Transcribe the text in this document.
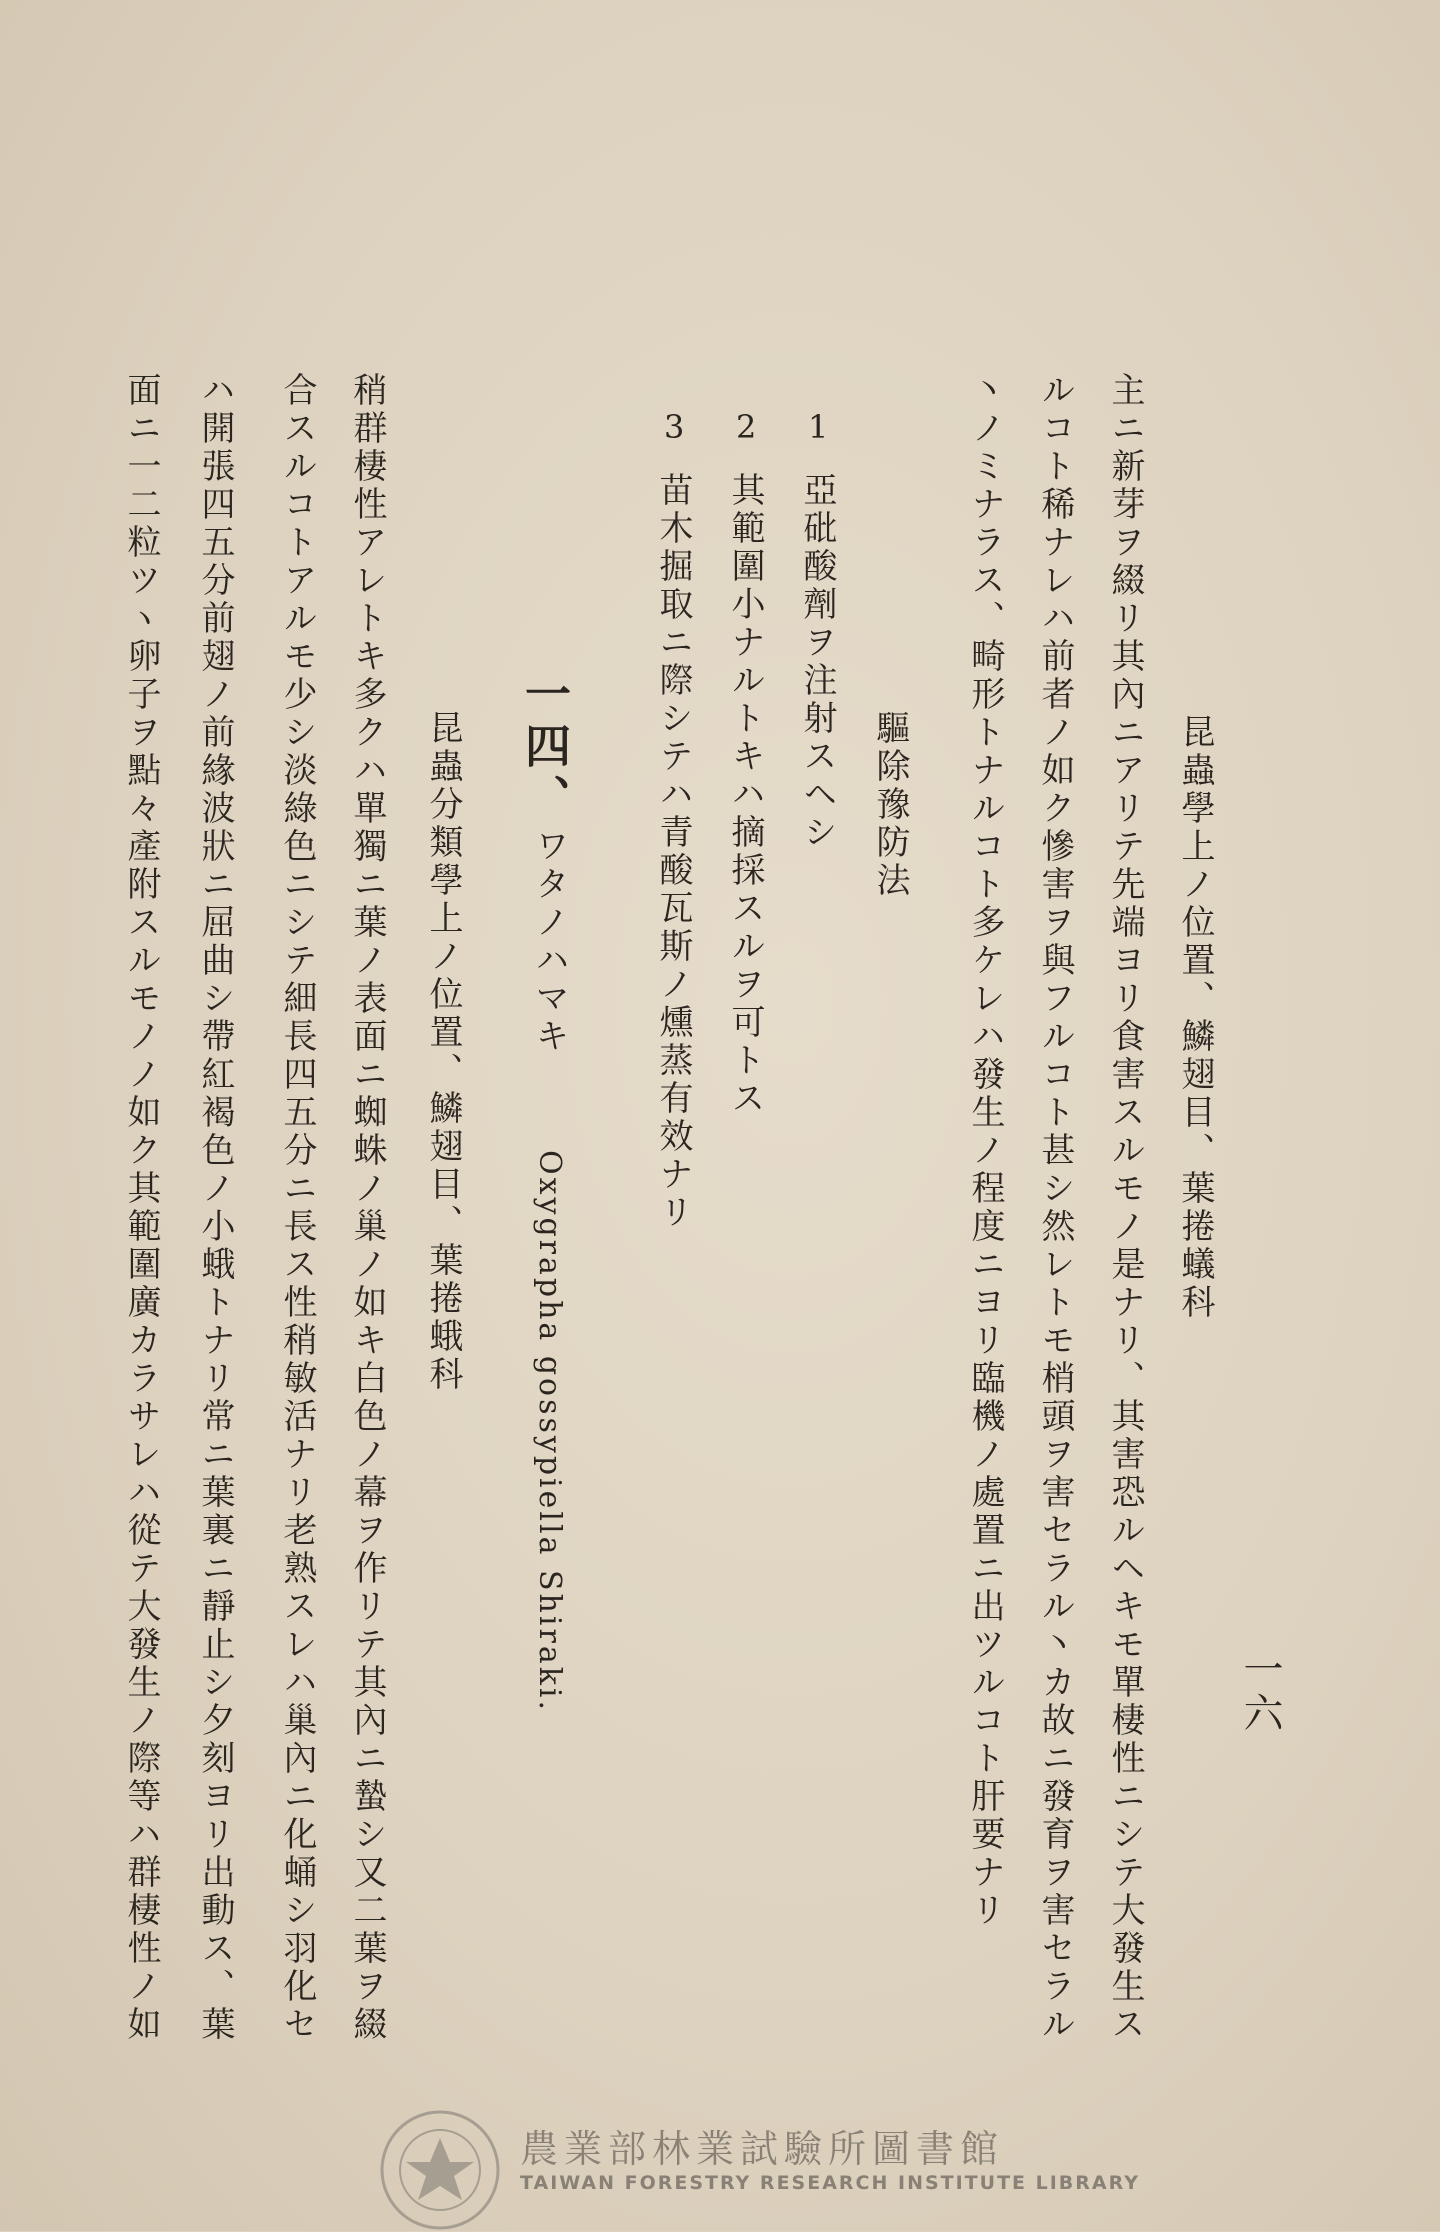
一六
昆蟲學上ノ位置、鱗翅目、葉捲蟻科
主ニ新芽ヲ綴リ其內ニアリテ先端ヨリ食害スルモノ是ナリ、其害恐ルヘキモ單棲性ニシテ大發生ス
ルコト稀ナレハ前者ノ如ク慘害ヲ與フルコト甚シ然レトモ梢頭ヲ害セラル丶カ故ニ發育ヲ害セラル
丶ノミナラス、畸形トナルコト多ケレハ發生ノ程度ニヨリ臨機ノ處置ニ出ツルコト肝要ナリ
驅除豫防法
1
亞砒酸劑ヲ注射スヘシ
2
其範圍小ナルトキハ摘採スルヲ可トス
3
苗木掘取ニ際シテハ青酸瓦斯ノ燻蒸有效ナリ
一四、
ワタノハマキ
Oxygrapha gossypiella Shiraki.
昆蟲分類學上ノ位置、鱗翅目、葉捲蛾科
稍群棲性アレトキ多クハ單獨ニ葉ノ表面ニ蜘蛛ノ巢ノ如キ白色ノ幕ヲ作リテ其內ニ蟄シ又二葉ヲ綴
合スルコトアルモ少シ淡綠色ニシテ細長四五分ニ長ス性稍敏活ナリ老熟スレハ巢內ニ化蛹シ羽化セ
ハ開張四五分前翅ノ前緣波狀ニ屈曲シ帶紅褐色ノ小蛾トナリ常ニ葉裏ニ靜止シ夕刻ヨリ出動ス、葉
面ニ一二粒ツヽ卵子ヲ點々產附スルモノノ如ク其範圍廣カラサレハ從テ大發生ノ際等ハ群棲性ノ如
農業部林業試驗所圖書館
TAIWAN FORESTRY RESEARCH INSTITUTE LIBRARY
